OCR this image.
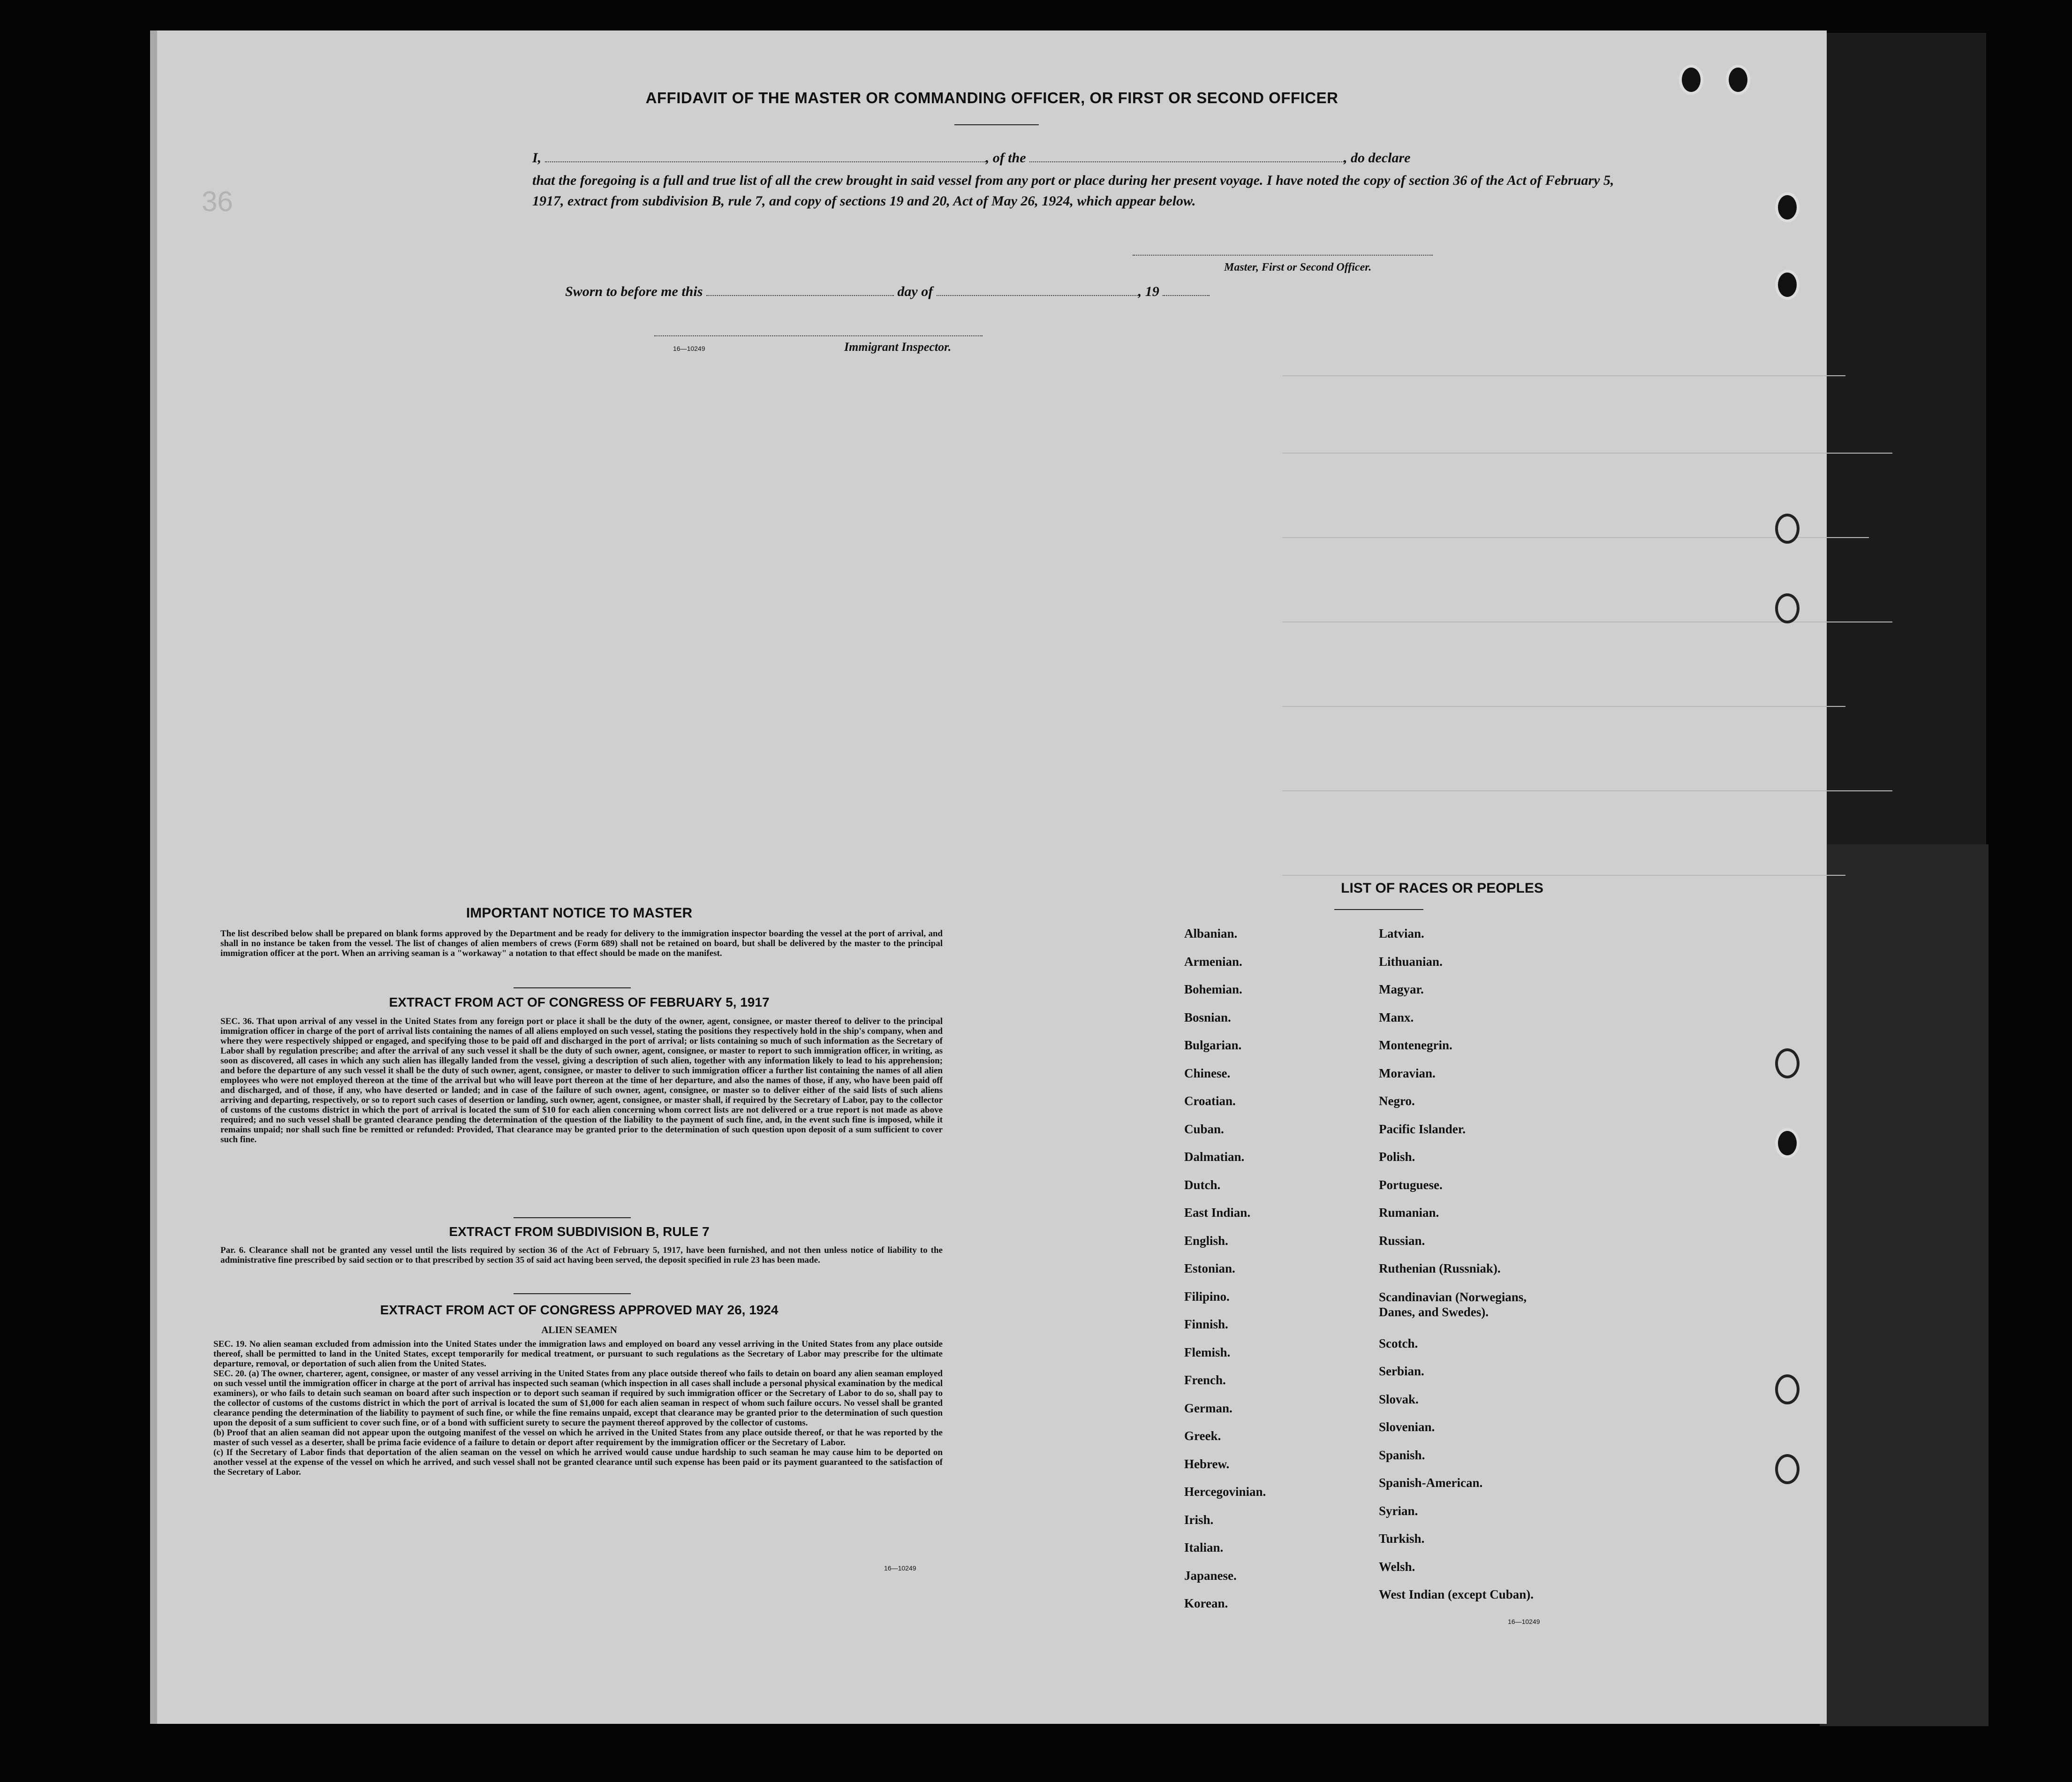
36
AFFIDAVIT OF THE MASTER OR COMMANDING OFFICER, OR FIRST OR SECOND OFFICER
I,	, of the	, do declare
that the foregoing is a full and true list of all the crew brought in said vessel from any port or place during her present voyage. I have noted the copy of section 36 of the Act of February 5, 1917, extract from subdivision B, rule 7, and copy of sections 19 and 20, Act of May 26, 1924, which appear below.
Master, First or Second Officer.
Sworn to before me this	day of	, 19
16—10249	Immigrant Inspector.
IMPORTANT NOTICE TO MASTER
The list described below shall be prepared on blank forms approved by the Department and be ready for delivery to the immigration inspector boarding the vessel at the port of arrival, and shall in no instance be taken from the vessel. The list of changes of alien members of crews (Form 689) shall not be retained on board, but shall be delivered by the master to the principal immigration officer at the port. When an arriving seaman is a "workaway" a notation to that effect should be made on the manifest.
EXTRACT FROM ACT OF CONGRESS OF FEBRUARY 5, 1917
SEC. 36. That upon arrival of any vessel in the United States from any foreign port or place it shall be the duty of the owner, agent, consignee, or master thereof to deliver to the principal immigration officer in charge of the port of arrival lists containing the names of all aliens employed on such vessel, stating the positions they respectively hold in the ship's company, when and where they were respectively shipped or engaged, and specifying those to be paid off and discharged in the port of arrival; or lists containing so much of such information as the Secretary of Labor shall by regulation prescribe; and after the arrival of any such vessel it shall be the duty of such owner, agent, consignee, or master to report to such immigration officer, in writing, as soon as discovered, all cases in which any such alien has illegally landed from the vessel, giving a description of such alien, together with any information likely to lead to his apprehension; and before the departure of any such vessel it shall be the duty of such owner, agent, consignee, or master to deliver to such immigration officer a further list containing the names of all alien employees who were not employed thereon at the time of the arrival but who will leave port thereon at the time of her departure, and also the names of those, if any, who have been paid off and discharged, and of those, if any, who have deserted or landed; and in case of the failure of such owner, agent, consignee, or master so to deliver either of the said lists of such aliens arriving and departing, respectively, or so to report such cases of desertion or landing, such owner, agent, consignee, or master shall, if required by the Secretary of Labor, pay to the collector of customs of the customs district in which the port of arrival is located the sum of $10 for each alien concerning whom correct lists are not delivered or a true report is not made as above required; and no such vessel shall be granted clearance pending the determination of the question of the liability to the payment of such fine, and, in the event such fine is imposed, while it remains unpaid; nor shall such fine be remitted or refunded: Provided, That clearance may be granted prior to the determination of such question upon deposit of a sum sufficient to cover such fine.
EXTRACT FROM SUBDIVISION B, RULE 7
Par. 6. Clearance shall not be granted any vessel until the lists required by section 36 of the Act of February 5, 1917, have been furnished, and not then unless notice of liability to the administrative fine prescribed by said section or to that prescribed by section 35 of said act having been served, the deposit specified in rule 23 has been made.
EXTRACT FROM ACT OF CONGRESS APPROVED MAY 26, 1924
ALIEN SEAMEN
SEC. 19. No alien seaman excluded from admission into the United States under the immigration laws and employed on board any vessel arriving in the United States from any place outside thereof, shall be permitted to land in the United States, except temporarily for medical treatment, or pursuant to such regulations as the Secretary of Labor may prescribe for the ultimate departure, removal, or deportation of such alien from the United States.
SEC. 20. (a) The owner, charterer, agent, consignee, or master of any vessel arriving in the United States from any place outside thereof who fails to detain on board any alien seaman employed on such vessel until the immigration officer in charge at the port of arrival has inspected such seaman (which inspection in all cases shall include a personal physical examination by the medical examiners), or who fails to detain such seaman on board after such inspection or to deport such seaman if required by such immigration officer or the Secretary of Labor to do so, shall pay to the collector of customs of the customs district in which the port of arrival is located the sum of $1,000 for each alien seaman in respect of whom such failure occurs. No vessel shall be granted clearance pending the determination of the liability to payment of such fine, or while the fine remains unpaid, except that clearance may be granted prior to the determination of such question upon the deposit of a sum sufficient to cover such fine, or of a bond with sufficient surety to secure the payment thereof approved by the collector of customs.
(b) Proof that an alien seaman did not appear upon the outgoing manifest of the vessel on which he arrived in the United States from any place outside thereof, or that he was reported by the master of such vessel as a deserter, shall be prima facie evidence of a failure to detain or deport after requirement by the immigration officer or the Secretary of Labor.
(c) If the Secretary of Labor finds that deportation of the alien seaman on the vessel on which he arrived would cause undue hardship to such seaman he may cause him to be deported on another vessel at the expense of the vessel on which he arrived, and such vessel shall not be granted clearance until such expense has been paid or its payment guaranteed to the satisfaction of the Secretary of Labor.
16—10249
LIST OF RACES OR PEOPLES
Albanian.
Armenian.
Bohemian.
Bosnian.
Bulgarian.
Chinese.
Croatian.
Cuban.
Dalmatian.
Dutch.
East Indian.
English.
Estonian.
Filipino.
Finnish.
Flemish.
French.
German.
Greek.
Hebrew.
Hercegovinian.
Irish.
Italian.
Japanese.
Korean.
Latvian.
Lithuanian.
Magyar.
Manx.
Montenegrin.
Moravian.
Negro.
Pacific Islander.
Polish.
Portuguese.
Rumanian.
Russian.
Ruthenian (Russniak).
Scandinavian (Norwegians, Danes, and Swedes).
Scotch.
Serbian.
Slovak.
Slovenian.
Spanish.
Spanish-American.
Syrian.
Turkish.
Welsh.
West Indian (except Cuban).
16—10249
